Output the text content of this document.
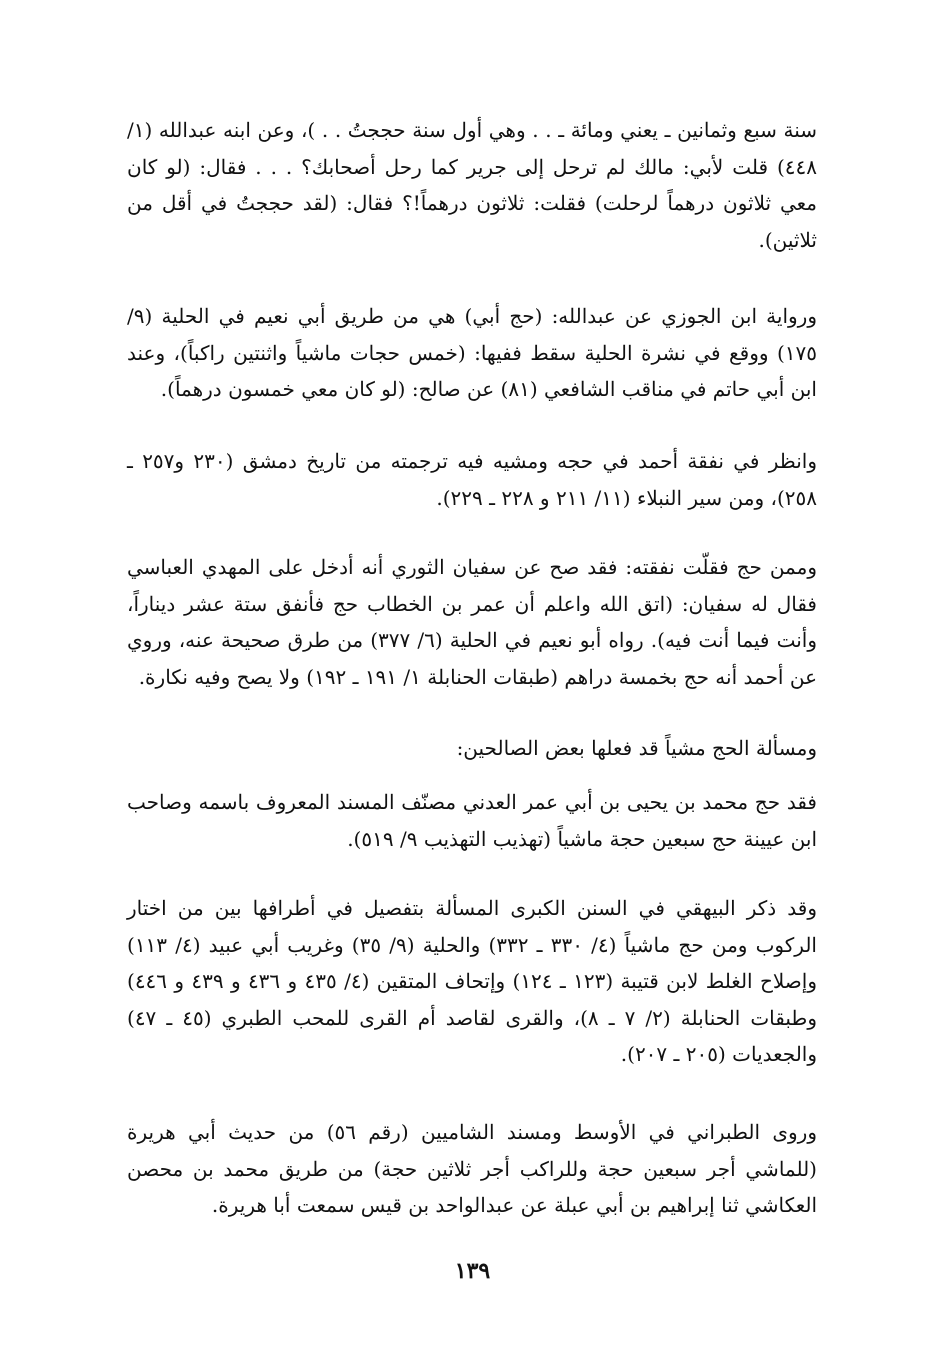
سنة سبع وثمانين ـ يعني ومائة ـ . . وهي أول سنة حججتُ . . )، وعن ابنه عبدالله (١/ ٤٤٨) قلت لأبي: مالك لم ترحل إلى جرير كما رحل أصحابك؟ . . . فقال: (لو كان معي ثلاثون درهماً لرحلت) فقلت: ثلاثون درهماً!؟ فقال: (لقد حججتُ في أقل من ثلاثين).

ورواية ابن الجوزي عن عبدالله: (حج أبي) هي من طريق أبي نعيم في الحلية (٩/ ١٧٥) ووقع في نشرة الحلية سقط ففيها: (خمس حجات ماشياً واثنتين راكباً)، وعند ابن أبي حاتم في مناقب الشافعي (٨١) عن صالح: (لو كان معي خمسون درهماً).

وانظر في نفقة أحمد في حجه ومشيه فيه ترجمته من تاريخ دمشق (٢٣٠ و٢٥٧ ـ ٢٥٨)، ومن سير النبلاء (١١/ ٢١١ و ٢٢٨ ـ ٢٢٩).

وممن حج فقلّت نفقته: فقد صح عن سفيان الثوري أنه أدخل على المهدي العباسي فقال له سفيان: (اتق الله واعلم أن عمر بن الخطاب حج فأنفق ستة عشر ديناراً، وأنت فيما أنت فيه). رواه أبو نعيم في الحلية (٦/ ٣٧٧) من طرق صحيحة عنه، وروي عن أحمد أنه حج بخمسة دراهم (طبقات الحنابلة ١/ ١٩١ ـ ١٩٢) ولا يصح وفيه نكارة.

ومسألة الحج مشياً قد فعلها بعض الصالحين:

فقد حج محمد بن يحيى بن أبي عمر العدني مصنّف المسند المعروف باسمه وصاحب ابن عيينة حج سبعين حجة ماشياً (تهذيب التهذيب ٩/ ٥١٩).

وقد ذكر البيهقي في السنن الكبرى المسألة بتفصيل في أطرافها بين من اختار الركوب ومن حج ماشياً (٤/ ٣٣٠ ـ ٣٣٢) والحلية (٩/ ٣٥) وغريب أبي عبيد (٤/ ١١٣) وإصلاح الغلط لابن قتيبة (١٢٣ ـ ١٢٤) وإتحاف المتقين (٤/ ٤٣٥ و ٤٣٦ و ٤٣٩ و ٤٤٦) وطبقات الحنابلة (٢/ ٧ ـ ٨)، والقرى لقاصد أم القرى للمحب الطبري (٤٥ ـ ٤٧) والجعديات (٢٠٥ ـ ٢٠٧).

وروى الطبراني في الأوسط ومسند الشاميين (رقم ٥٦) من حديث أبي هريرة (للماشي أجر سبعين حجة وللراكب أجر ثلاثين حجة) من طريق محمد بن محصن العكاشي ثنا إبراهيم بن أبي عبلة عن عبدالواحد بن قيس سمعت أبا هريرة.

١٣٩
